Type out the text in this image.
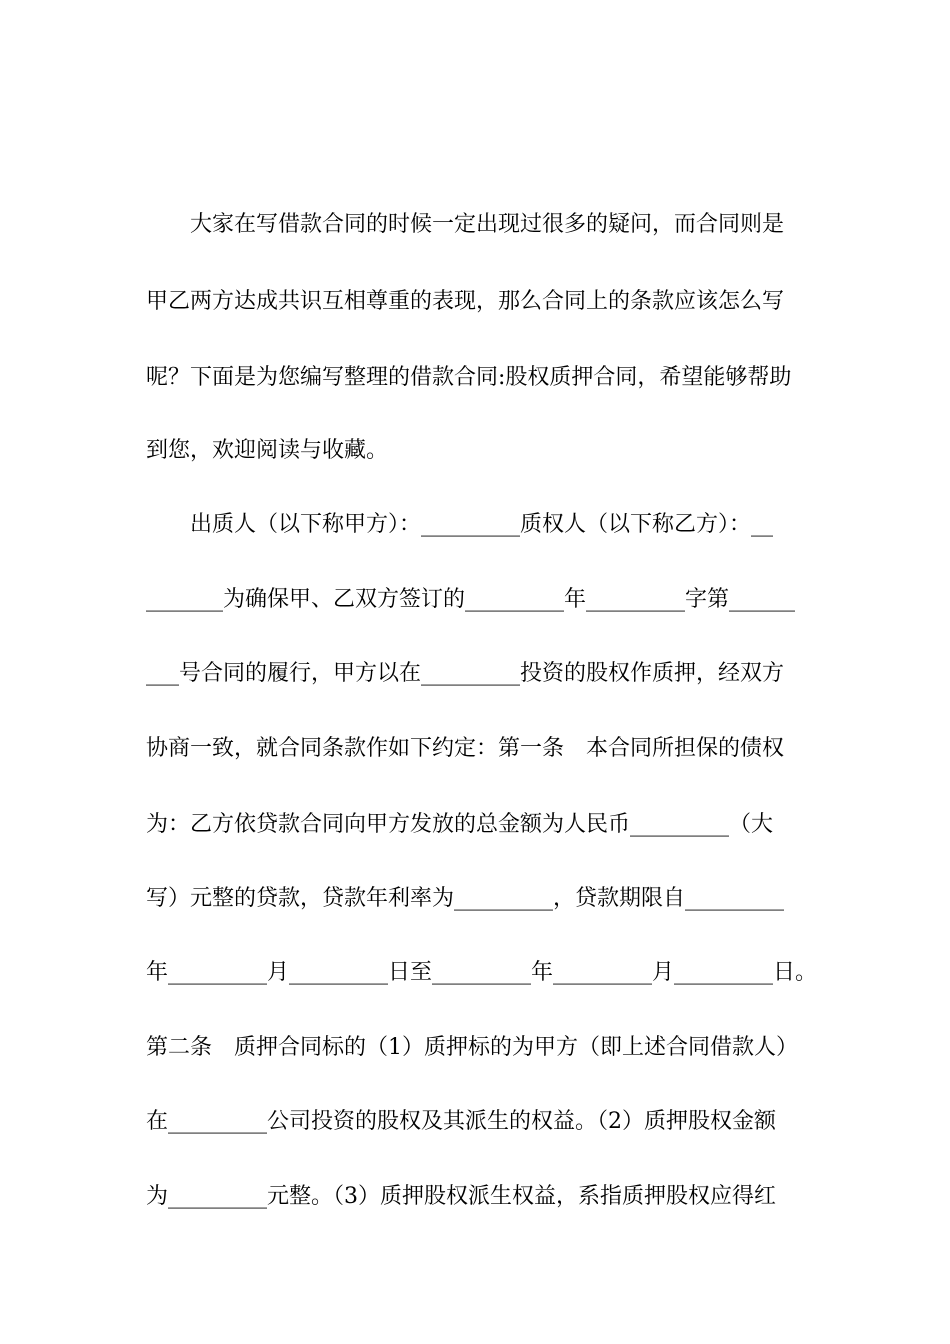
大家在写借款合同的时候一定出现过很多的疑问，而合同则是
甲乙两方达成共识互相尊重的表现，那么合同上的条款应该怎么写
呢？下面是为您编写整理的借款合同:股权质押合同，希望能够帮助
到您，欢迎阅读与收藏。
出质人（以下称甲方）：_________质权人（以下称乙方）：__
_______为确保甲、乙双方签订的_________年_________字第______
___号合同的履行，甲方以在_________投资的股权作质押，经双方
协商一致，就合同条款作如下约定：第一条　本合同所担保的债权
为：乙方依贷款合同向甲方发放的总金额为人民币_________（大
写）元整的贷款，贷款年利率为_________，贷款期限自_________
年_________月_________日至_________年_________月_________日。
第二条　质押合同标的（1）质押标的为甲方（即上述合同借款人）
在_________公司投资的股权及其派生的权益。（2）质押股权金额
为_________元整。（3）质押股权派生权益，系指质押股权应得红
